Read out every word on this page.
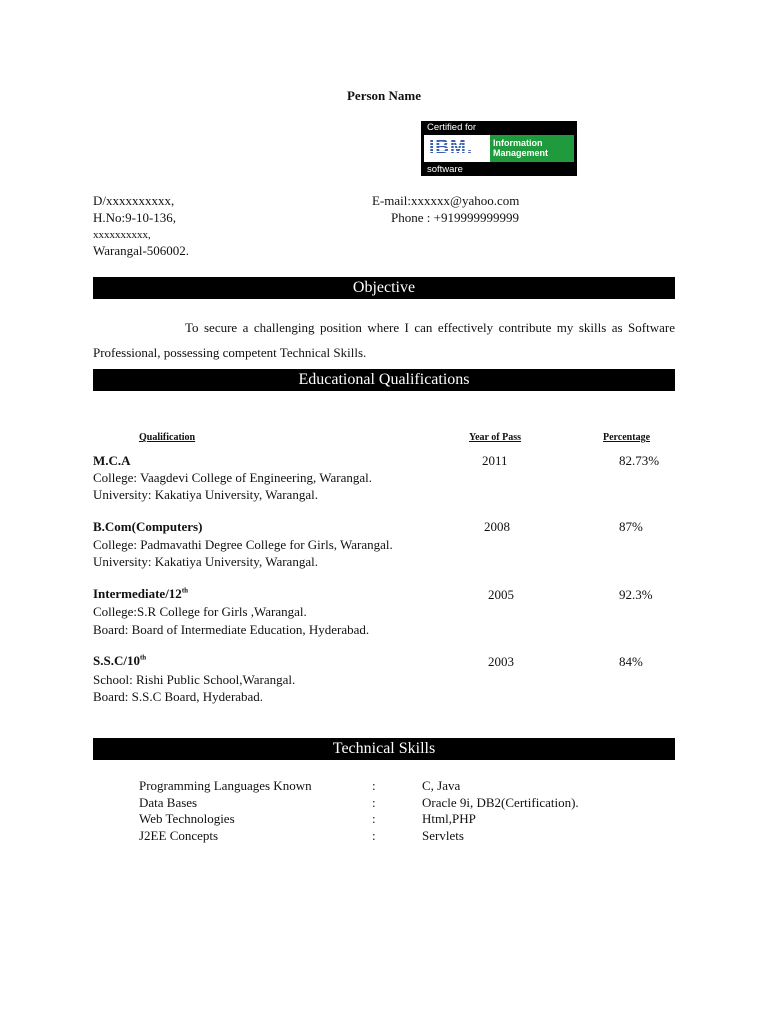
Person Name
Certified for
IBM.	Information
Management
software
D/xxxxxxxxxx,
H.No:9-10-136,
xxxxxxxxxx,
Warangal-506002.
E-mail:xxxxxx@yahoo.com
Phone : +919999999999
Objective
To secure a challenging position where I can effectively contribute my skills as Software Professional, possessing competent Technical Skills.
Educational Qualifications
Qualification	Year of Pass	Percentage
M.C.A	2011	82.73%
College: Vaagdevi College of Engineering, Warangal.
University: Kakatiya University, Warangal.
B.Com(Computers)	2008	87%
College: Padmavathi Degree College for Girls, Warangal.
University: Kakatiya University, Warangal.
Intermediate/12th	2005	92.3%
College:S.R College for Girls ,Warangal.
Board: Board of Intermediate Education, Hyderabad.
S.S.C/10th	2003	84%
School: Rishi Public School,Warangal.
Board: S.S.C Board, Hyderabad.
Technical Skills
Programming Languages Known	:	C, Java
Data Bases	:	Oracle 9i, DB2(Certification).
Web Technologies	:	Html,PHP
J2EE Concepts	:	Servlets
